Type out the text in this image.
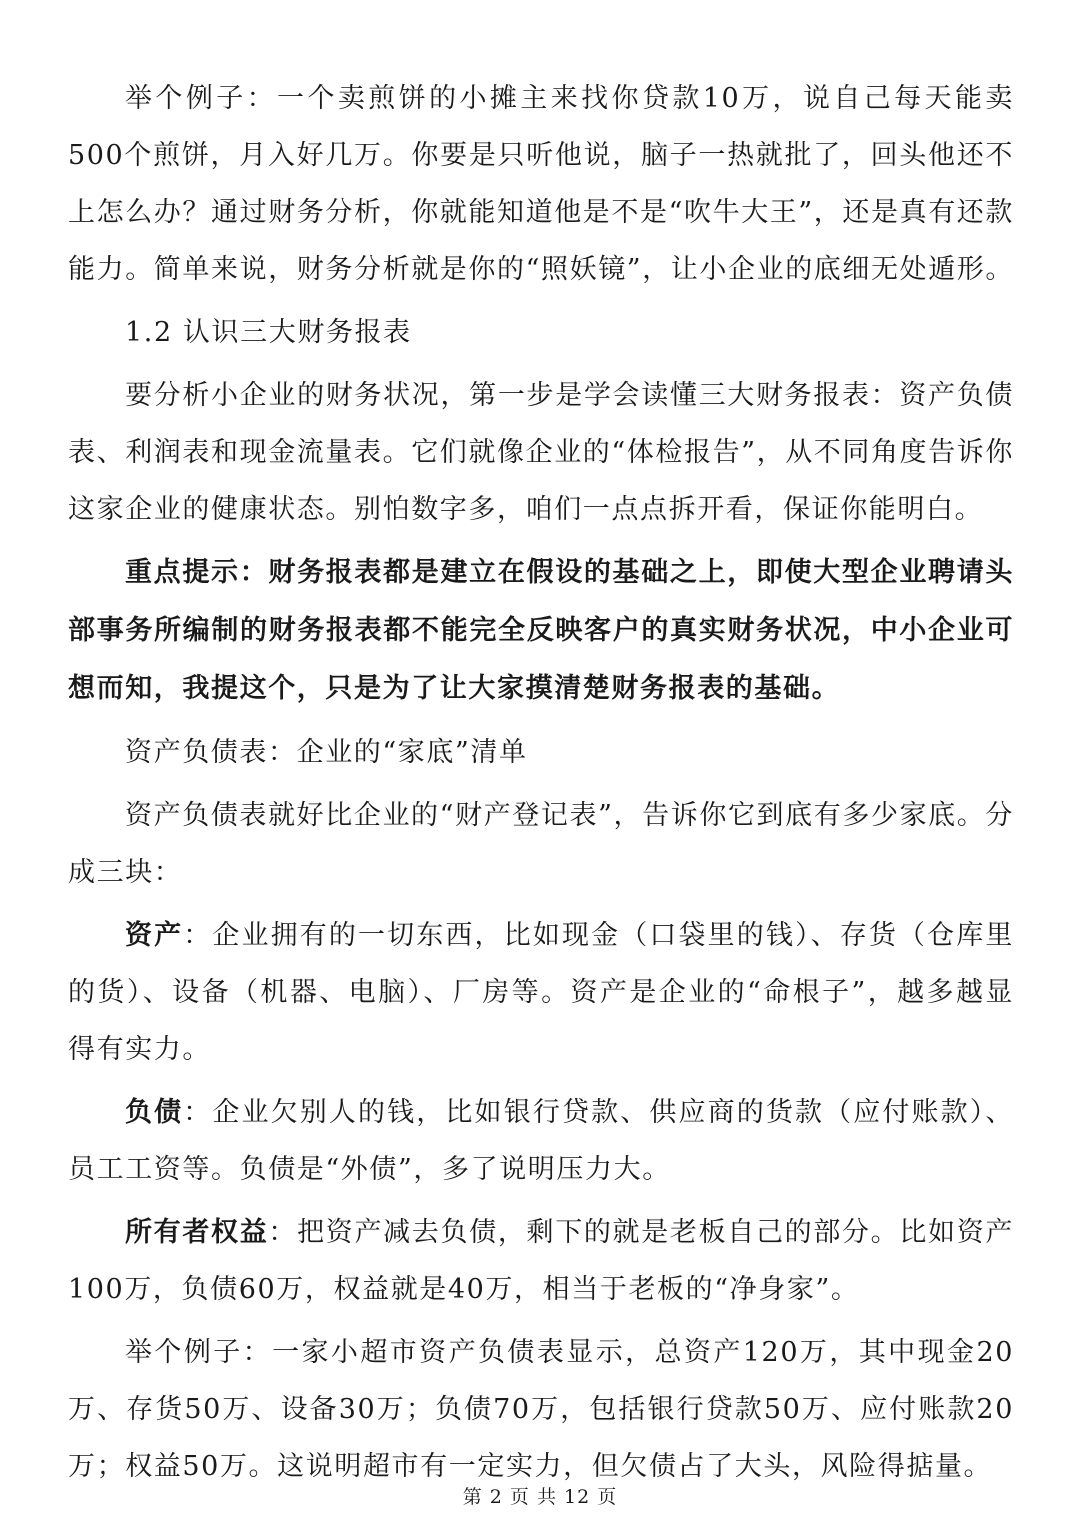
举个例子：一个卖煎饼的小摊主来找你贷款10万，说自己每天能卖500个煎饼，月入好几万。你要是只听他说，脑子一热就批了，回头他还不上怎么办？通过财务分析，你就能知道他是不是“吹牛大王”，还是真有还款能力。简单来说，财务分析就是你的“照妖镜”，让小企业的底细无处遁形。

1.2 认识三大财务报表

要分析小企业的财务状况，第一步是学会读懂三大财务报表：资产负债表、利润表和现金流量表。它们就像企业的“体检报告”，从不同角度告诉你这家企业的健康状态。别怕数字多，咱们一点点拆开看，保证你能明白。

重点提示：财务报表都是建立在假设的基础之上，即使大型企业聘请头部事务所编制的财务报表都不能完全反映客户的真实财务状况，中小企业可想而知，我提这个，只是为了让大家摸清楚财务报表的基础。

资产负债表：企业的“家底”清单

资产负债表就好比企业的“财产登记表”，告诉你它到底有多少家底。分成三块：

资产：企业拥有的一切东西，比如现金（口袋里的钱）、存货（仓库里的货）、设备（机器、电脑）、厂房等。资产是企业的“命根子”，越多越显得有实力。

负债：企业欠别人的钱，比如银行贷款、供应商的货款（应付账款）、员工工资等。负债是“外债”，多了说明压力大。

所有者权益：把资产减去负债，剩下的就是老板自己的部分。比如资产100万，负债60万，权益就是40万，相当于老板的“净身家”。

举个例子：一家小超市资产负债表显示，总资产120万，其中现金20万、存货50万、设备30万；负债70万，包括银行贷款50万、应付账款20万；权益50万。这说明超市有一定实力，但欠债占了大头，风险得掂量。

第 2 页 共 12 页
